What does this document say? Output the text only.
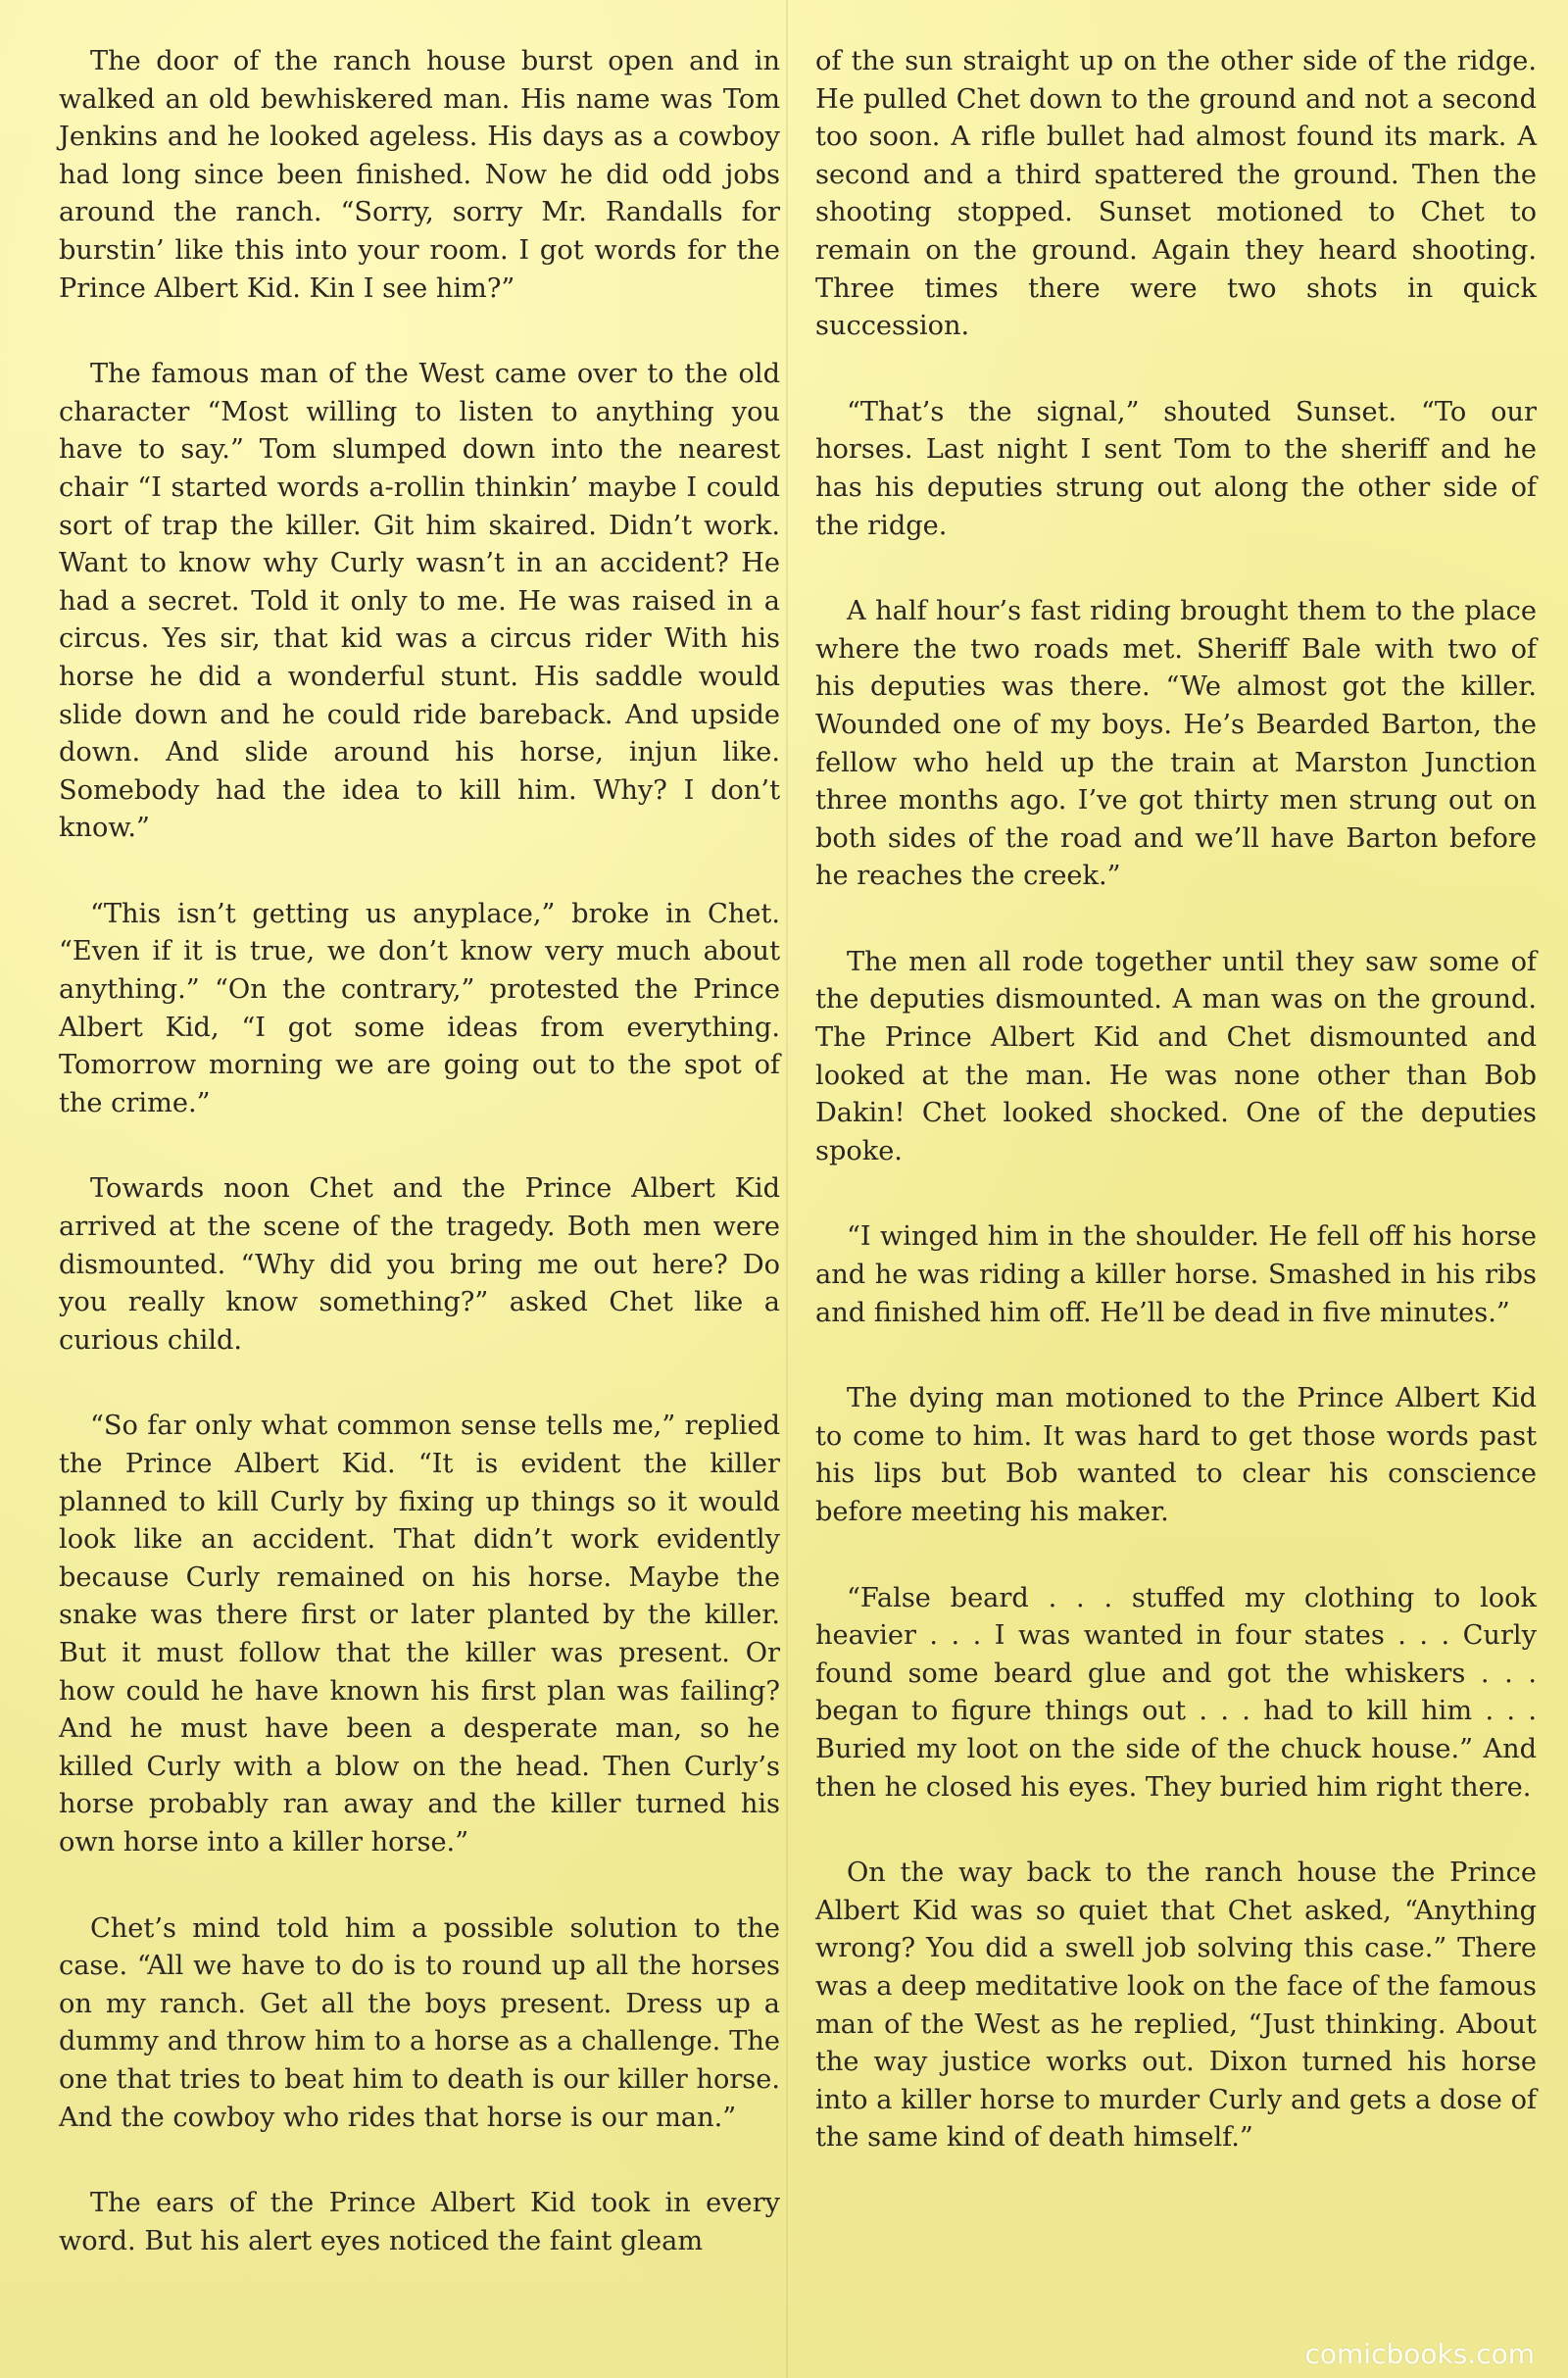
The door of the ranch house burst open and in walked an old bewhiskered man. His name was Tom Jenkins and he looked ageless. His days as a cowboy had long since been finished. Now he did odd jobs around the ranch. “Sorry, sorry Mr. Randalls for burstin’ like this into your room. I got words for the Prince Albert Kid. Kin I see him?”

The famous man of the West came over to the old character “Most willing to listen to anything you have to say.” Tom slumped down into the nearest chair “I started words a-rollin thinkin’ maybe I could sort of trap the killer. Git him skaired. Didn’t work. Want to know why Curly wasn’t in an accident? He had a secret. Told it only to me. He was raised in a circus. Yes sir, that kid was a circus rider With his horse he did a wonderful stunt. His saddle would slide down and he could ride bareback. And upside down. And slide around his horse, injun like. Somebody had the idea to kill him. Why? I don’t know.”

“This isn’t getting us anyplace,” broke in Chet. “Even if it is true, we don’t know very much about anything.” “On the contrary,” protested the Prince Albert Kid, “I got some ideas from everything. Tomorrow morning we are going out to the spot of the crime.”

Towards noon Chet and the Prince Albert Kid arrived at the scene of the tragedy. Both men were dismounted. “Why did you bring me out here? Do you really know something?” asked Chet like a curious child.

“So far only what common sense tells me,” replied the Prince Albert Kid. “It is evident the killer planned to kill Curly by fixing up things so it would look like an accident. That didn’t work evidently because Curly remained on his horse. Maybe the snake was there first or later planted by the killer. But it must follow that the killer was present. Or how could he have known his first plan was failing? And he must have been a desperate man, so he killed Curly with a blow on the head. Then Curly’s horse probably ran away and the killer turned his own horse into a killer horse.”

Chet’s mind told him a possible solution to the case. “All we have to do is to round up all the horses on my ranch. Get all the boys present. Dress up a dummy and throw him to a horse as a challenge. The one that tries to beat him to death is our killer horse. And the cowboy who rides that horse is our man.”

The ears of the Prince Albert Kid took in every word. But his alert eyes noticed the faint gleam

of the sun straight up on the other side of the ridge. He pulled Chet down to the ground and not a second too soon. A rifle bullet had almost found its mark. A second and a third spattered the ground. Then the shooting stopped. Sunset motioned to Chet to remain on the ground. Again they heard shooting. Three times there were two shots in quick succession.

“That’s the signal,” shouted Sunset. “To our horses. Last night I sent Tom to the sheriff and he has his deputies strung out along the other side of the ridge.

A half hour’s fast riding brought them to the place where the two roads met. Sheriff Bale with two of his deputies was there. “We almost got the killer. Wounded one of my boys. He’s Bearded Barton, the fellow who held up the train at Marston Junction three months ago. I’ve got thirty men strung out on both sides of the road and we’ll have Barton before he reaches the creek.”

The men all rode together until they saw some of the deputies dismounted. A man was on the ground. The Prince Albert Kid and Chet dismounted and looked at the man. He was none other than Bob Dakin! Chet looked shocked. One of the deputies spoke.

“I winged him in the shoulder. He fell off his horse and he was riding a killer horse. Smashed in his ribs and finished him off. He’ll be dead in five minutes.”

The dying man motioned to the Prince Albert Kid to come to him. It was hard to get those words past his lips but Bob wanted to clear his conscience before meeting his maker.

“False beard . . . stuffed my clothing to look heavier . . . I was wanted in four states . . . Curly found some beard glue and got the whiskers . . . began to figure things out . . . had to kill him . . . Buried my loot on the side of the chuck house.” And then he closed his eyes. They buried him right there.

On the way back to the ranch house the Prince Albert Kid was so quiet that Chet asked, “Anything wrong? You did a swell job solving this case.” There was a deep meditative look on the face of the famous man of the West as he replied, “Just thinking. About the way justice works out. Dixon turned his horse into a killer horse to murder Curly and gets a dose of the same kind of death himself.”

comicbooks.com
